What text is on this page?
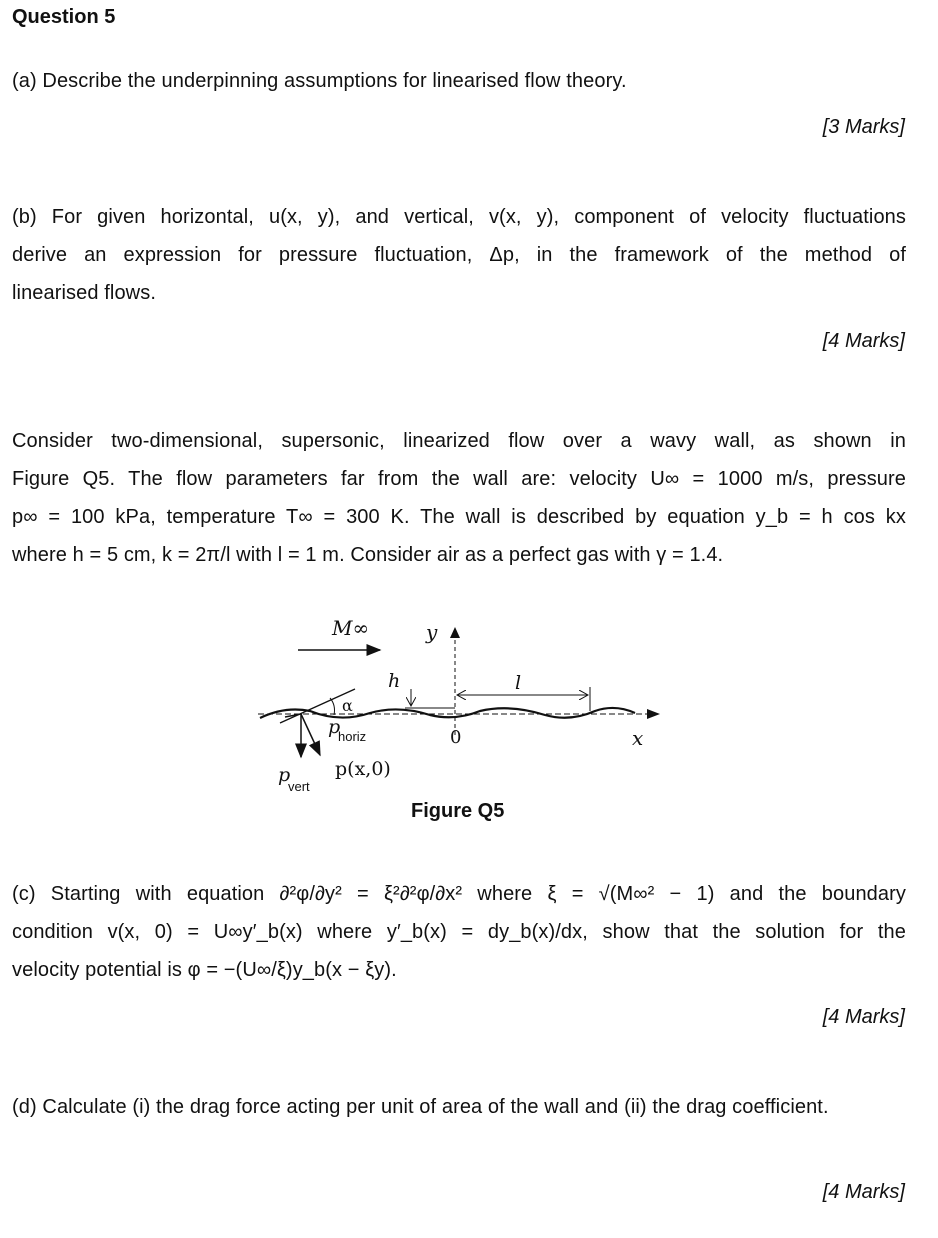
Question 5
(a) Describe the underpinning assumptions for linearised flow theory.
[3 Marks]
(b) For given horizontal, u(x, y), and vertical, v(x, y), component of velocity fluctuations
derive an expression for pressure fluctuation, Δp, in the framework of the method of
linearised flows.
[4 Marks]
Consider two-dimensional, supersonic, linearized flow over a wavy wall, as shown in
Figure Q5. The flow parameters far from the wall are: velocity U∞ = 1000 m/s, pressure
p∞ = 100 kPa, temperature T∞ = 300 K. The wall is described by equation y_b = h cos kx
where h = 5 cm, k = 2π/l with l = 1 m. Consider air as a perfect gas with γ = 1.4.
M∞	y
x
h	l
0
α
p
horiz
p(x,0)
p
vert
Figure Q5
(c) Starting with equation ∂²φ/∂y² = ξ²∂²φ/∂x² where ξ = √(M∞² − 1) and the boundary
condition v(x, 0) = U∞y′_b(x) where y′_b(x) = dy_b(x)/dx, show that the solution for the
velocity potential is φ = −(U∞/ξ)y_b(x − ξy).
[4 Marks]
(d) Calculate (i) the drag force acting per unit of area of the wall and (ii) the drag coefficient.
[4 Marks]
